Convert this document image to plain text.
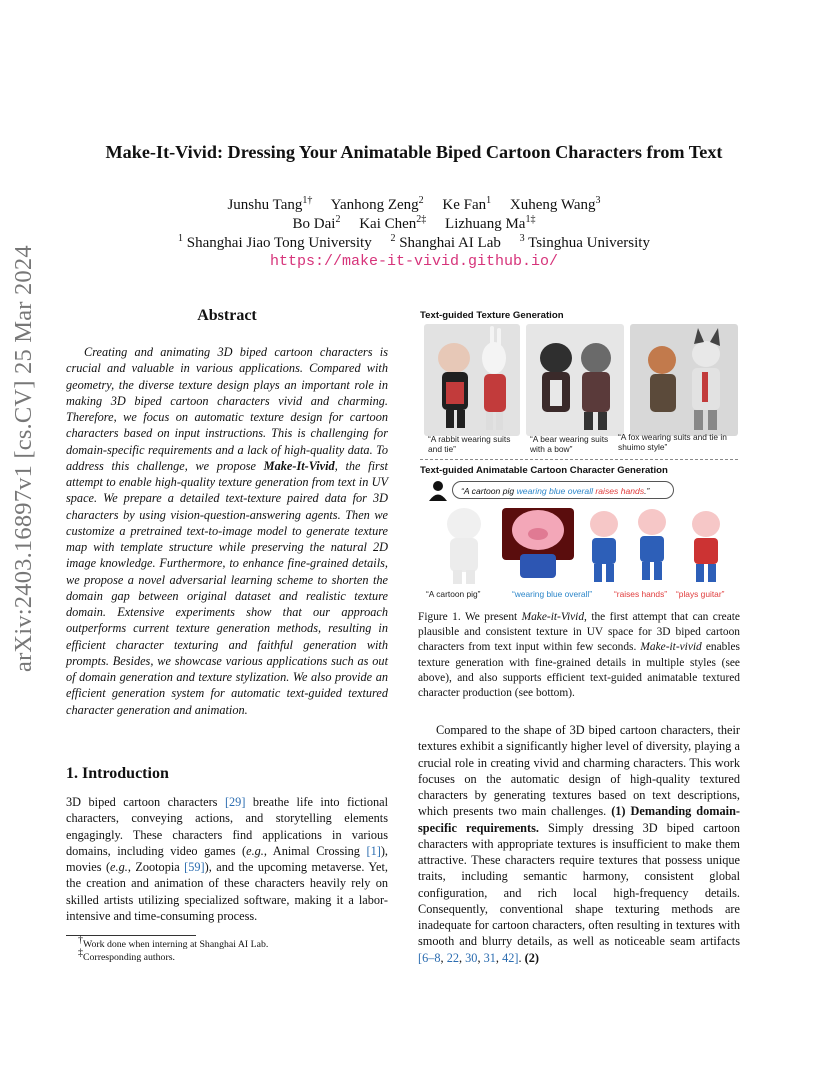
Make-It-Vivid: Dressing Your Animatable Biped Cartoon Characters from Text
Junshu Tang$^{1\dagger}$ Yanhong Zeng$^2$ Ke Fan$^1$ Xuheng Wang$^3$
Bo Dai$^2$ Kai Chen$^{2\ddagger}$ Lizhuang $Ma^{1\ddagger}$
$^1$ Shanghai Jiao Tong University $^2$ Shanghai AI Lab $^3$ Tsinghua University
https://make-it-vivid.github.io/
arXiv:2403.16897v1 [cs.CV] 25 Mar 2024	Abstract

Creating and animating 3D biped cartoon characters is crucial and valuable in various applications. Compared with geometry, the diverse texture design plays an important role in making 3D biped cartoon characters vivid and charming. Therefore, we focus on automatic texture design for cartoon characters based on input instructions. This is challenging for domain-specific requirements and a lack of high-quality data. To address this challenge, we propose Make-It-Vivid, the first attempt to enable high-quality texture generation from text in UV space. We prepare a detailed text-texture paired data for 3D characters by using vision-question-answering agents. Then we customize a pretrained text-to-image model to generate texture map with template structure while preserving the natural 2D image knowledge. Furthermore, to enhance fine-grained details, we propose a novel adversarial learning scheme to shorten the domain gap between original dataset and realistic texture domain. Extensive experiments show that our approach outperforms current texture generation methods, resulting in efficient character texturing and faithful generation with prompts. Besides, we showcase various applications such as out of domain generation and texture stylization. We also provide an efficient generation system for automatic text-guided textured character generation and animation.

1. Introduction

3D biped cartoon characters [29] breathe life into fictional characters, conveying actions, and storytelling elements engagingly. These characters find applications in various domains, including video games (e.g., Animal Crossing [1]), movies (e.g., Zootopia [59]), and the upcoming metaverse. Yet, the creation and animation of these characters heavily rely on skilled artists utilizing specialized software, making it a labor-intensive and time-consuming process.

†Work done when interning at Shanghai AI Lab.
‡Corresponding authors.
Text-guided Texture Generation
“A rabbit wearing suits and tie”
“A bear wearing suits with a bow”
“A fox wearing suits and tie in shuimo style”
Text-guided Animatable Cartoon Character Generation
“A cartoon pig wearing blue overall raises hands.”
“A cartoon pig”	“wearing blue overall”	“raises hands” “plays guitar”
Figure 1. We present Make-it-Vivid, the first attempt that can create plausible and consistent texture in UV space for 3D biped cartoon characters from text input within few seconds. Make-it-vivid enables texture generation with fine-grained details in multiple styles (see above), and also supports efficient text-guided animatable textured character production (see bottom).

Compared to the shape of 3D biped cartoon characters, their textures exhibit a significantly higher level of diversity, playing a crucial role in creating vivid and charming characters. This work focuses on the automatic design of high-quality textured characters by generating textures based on text descriptions, which presents two main challenges. (1) Demanding domain-specific requirements. Simply dressing 3D biped cartoon characters with appropriate textures is insufficient to make them attractive. These characters require textures that possess unique traits, including semantic harmony, consistent global configuration, and rich local high-frequency details. Consequently, conventional shape texturing methods are inadequate for cartoon characters, often resulting in textures with smooth and blurry details, as well as noticeable seam artifacts [6–8, 22, 30, 31, 42]. (2)
